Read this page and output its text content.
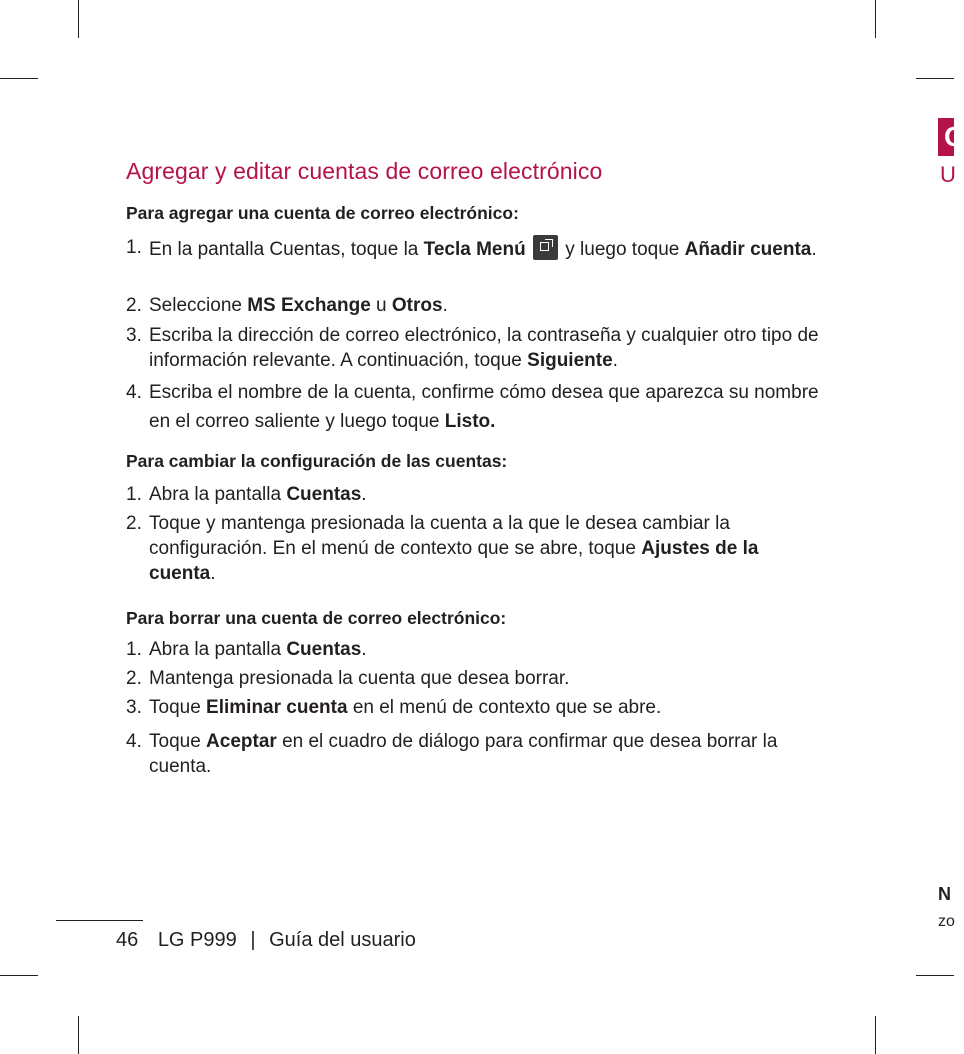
C
U
N
zo
Agregar y editar cuentas de correo electrónico
Para agregar una cuenta de correo electrónico:
1. En la pantalla Cuentas, toque la Tecla Menú  y luego toque Añadir cuenta.
2. Seleccione MS Exchange u Otros.
3. Escriba la dirección de correo electrónico, la contraseña y cualquier otro tipo de información relevante. A continuación, toque Siguiente.
4. Escriba el nombre de la cuenta, confirme cómo desea que aparezca su nombre en el correo saliente y luego toque Listo.
Para cambiar la configuración de las cuentas:
1. Abra la pantalla Cuentas.
2. Toque y mantenga presionada la cuenta a la que le desea cambiar la configuración. En el menú de contexto que se abre, toque Ajustes de la cuenta.
Para borrar una cuenta de correo electrónico:
1. Abra la pantalla Cuentas.
2. Mantenga presionada la cuenta que desea borrar.
3. Toque Eliminar cuenta en el menú de contexto que se abre.
4. Toque Aceptar en el cuadro de diálogo para confirmar que desea borrar la cuenta.
46 LG P999 | Guía del usuario
